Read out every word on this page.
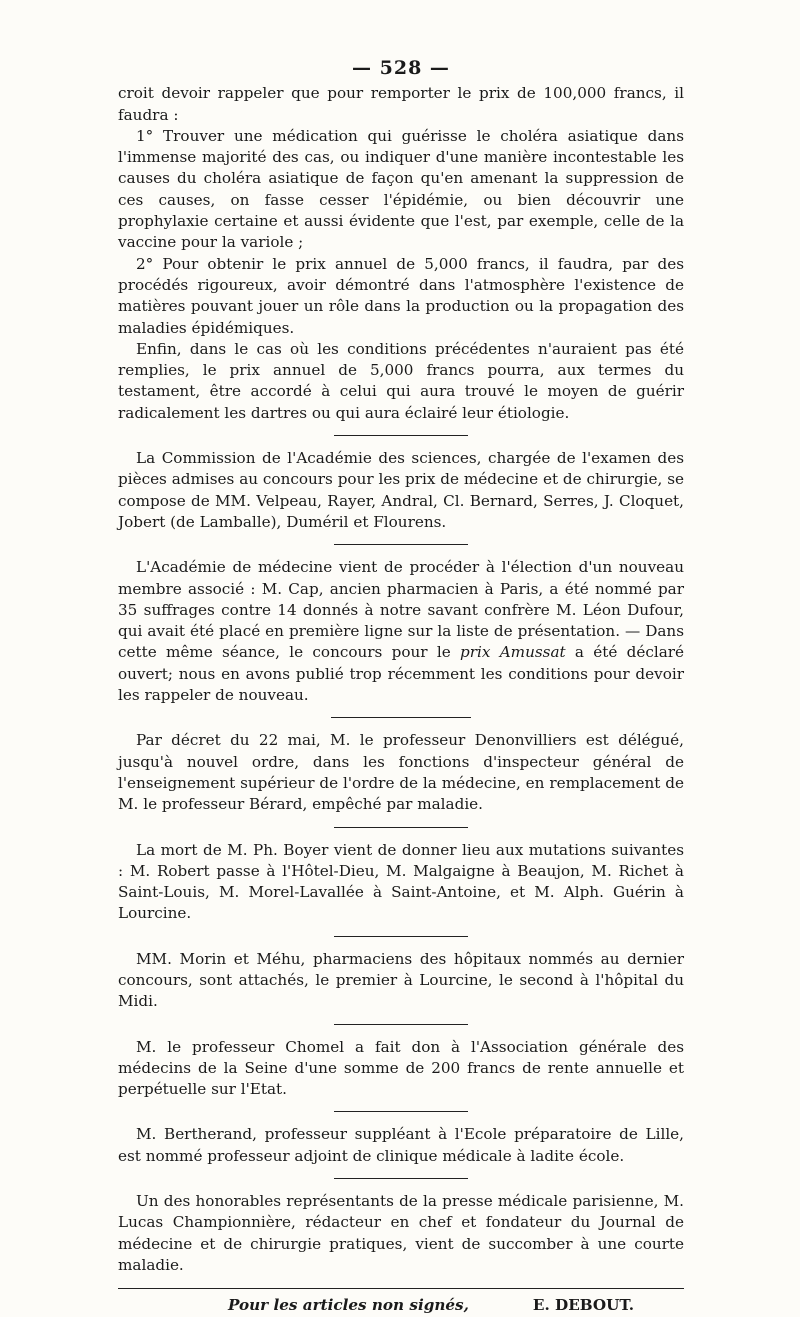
— 528 —

croit devoir rappeler que pour remporter le prix de 100,000 francs, il faudra :

1° Trouver une médication qui guérisse le choléra asiatique dans l'immense majorité des cas, ou indiquer d'une manière incontestable les causes du choléra asiatique de façon qu'en amenant la suppression de ces causes, on fasse cesser l'épidémie, ou bien découvrir une prophylaxie certaine et aussi évidente que l'est, par exemple, celle de la vaccine pour la variole ;

2° Pour obtenir le prix annuel de 5,000 francs, il faudra, par des procédés rigoureux, avoir démontré dans l'atmosphère l'existence de matières pouvant jouer un rôle dans la production ou la propagation des maladies épidémiques.

Enfin, dans le cas où les conditions précédentes n'auraient pas été remplies, le prix annuel de 5,000 francs pourra, aux termes du testament, être accordé à celui qui aura trouvé le moyen de guérir radicalement les dartres ou qui aura éclairé leur étiologie.

La Commission de l'Académie des sciences, chargée de l'examen des pièces admises au concours pour les prix de médecine et de chirurgie, se compose de MM. Velpeau, Rayer, Andral, Cl. Bernard, Serres, J. Cloquet, Jobert (de Lamballe), Duméril et Flourens.

L'Académie de médecine vient de procéder à l'élection d'un nouveau membre associé : M. Cap, ancien pharmacien à Paris, a été nommé par 35 suffrages contre 14 donnés à notre savant confrère M. Léon Dufour, qui avait été placé en première ligne sur la liste de présentation. — Dans cette même séance, le concours pour le prix Amussat a été déclaré ouvert; nous en avons publié trop récemment les conditions pour devoir les rappeler de nouveau.

Par décret du 22 mai, M. le professeur Denonvilliers est délégué, jusqu'à nouvel ordre, dans les fonctions d'inspecteur général de l'enseignement supérieur de l'ordre de la médecine, en remplacement de M. le professeur Bérard, empêché par maladie.

La mort de M. Ph. Boyer vient de donner lieu aux mutations suivantes : M. Robert passe à l'Hôtel-Dieu, M. Malgaigne à Beaujon, M. Richet à Saint-Louis, M. Morel-Lavallée à Saint-Antoine, et M. Alph. Guérin à Lourcine.

MM. Morin et Méhu, pharmaciens des hôpitaux nommés au dernier concours, sont attachés, le premier à Lourcine, le second à l'hôpital du Midi.

M. le professeur Chomel a fait don à l'Association générale des médecins de la Seine d'une somme de 200 francs de rente annuelle et perpétuelle sur l'Etat.

M. Bertherand, professeur suppléant à l'Ecole préparatoire de Lille, est nommé professeur adjoint de clinique médicale à ladite école.

Un des honorables représentants de la presse médicale parisienne, M. Lucas Championnière, rédacteur en chef et fondateur du Journal de médecine et de chirurgie pratiques, vient de succomber à une courte maladie.

Pour les articles non signés,	E. DEBOUT.
